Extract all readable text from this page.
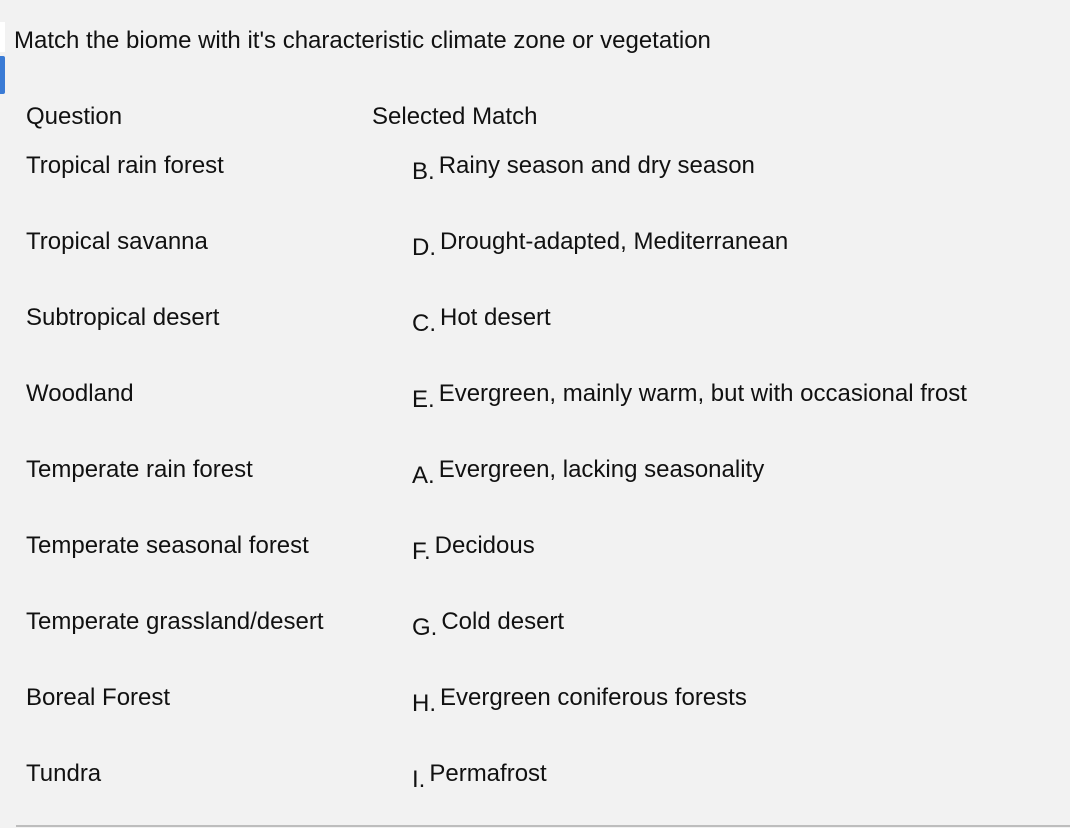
Match the biome with it's characteristic climate zone or vegetation
Question	Selected Match
Tropical rain forest	B. Rainy season and dry season
Tropical savanna	D. Drought-adapted, Mediterranean
Subtropical desert	C. Hot desert
Woodland	E. Evergreen, mainly warm, but with occasional frost
Temperate rain forest	A. Evergreen, lacking seasonality
Temperate seasonal forest	F. Decidous
Temperate grassland/desert	G. Cold desert
Boreal Forest	H. Evergreen coniferous forests
Tundra	I. Permafrost
